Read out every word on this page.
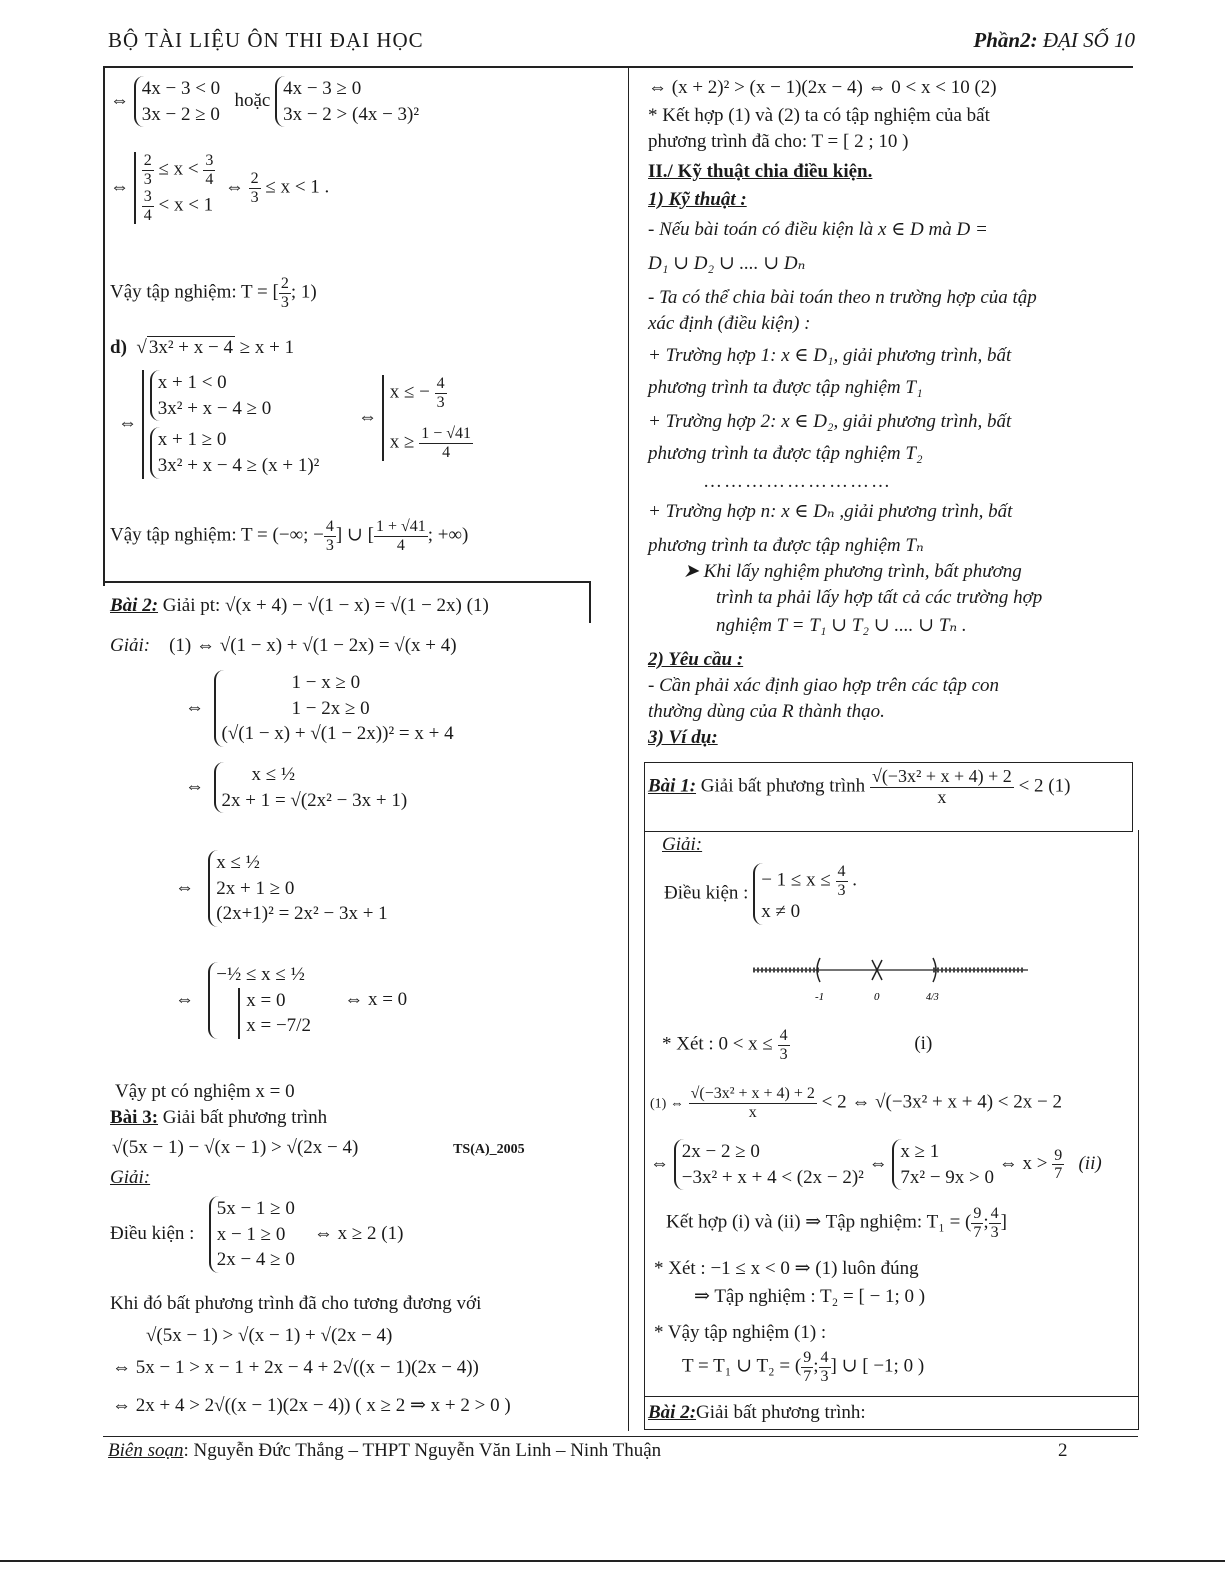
BỘ TÀI LIỆU ÔN THI ĐẠI HỌC	Phần2: ĐẠI SỐ 10
⇔
4x − 3 < 0
3x − 2 ≥ 0
hoặc
4x − 3 ≥ 0
3x − 2 > (4x − 3)²
⇔ $\frac{2}{3} \le x < \frac{3}{4}$
$\frac{3}{4} < x < 1$
⇔ $\frac{2}{3} \le x < 1$ .
Vậy tập nghiệm: T = [ $\frac{2}{3}$ ; 1)
d)  √ 3x² + x − 4 ≥ x + 1
⇔
x + 1 < 0
3x² + x − 4 ≥ 0

x + 1 ≥ 0
3x² + x − 4 ≥ (x + 1)²
⇔
x ≤ − $\frac{4}{3}$
$x \ge \frac{1 - √41}{4}$
Vậy tập nghiệm: T = (−∞; − $\frac{4}{3}$ ] ∪ [ $\frac{1 + √41}{4}$ ; +∞)
Bài 2: Giải pt: √(x + 4) − √(1 − x) = √(1 − 2x) (1)
Giải: (1) ⇔ √(1 − x) + √(1 − 2x) = √(x + 4)
⇔
1 − x ≥ 0
1 − 2x ≥ 0
(√(1 − x) + √(1 − 2x))² = x + 4
⇔
x ≤ ½
2x + 1 = √(2x² − 3x + 1)
⇔
x ≤ ½
2x + 1 ≥ 0
(2x+1)² = 2x² − 3x + 1
⇔
−½ ≤ x ≤ ½
x = 0
x = −7/2
⇔ x = 0
Vậy pt có nghiệm x = 0
Bài 3: Giải bất phương trình
√(5x − 1) − √(x − 1) > √(2x − 4)	TS(A)_2005
Giải:
Điều kiện :
5x − 1 ≥ 0
x − 1 ≥ 0
2x − 4 ≥ 0
⇔ x ≥ 2 (1)
Khi đó bất phương trình đã cho tương đương với
√(5x − 1) > √(x − 1) + √(2x − 4)
⇔ 5x − 1 > x − 1 + 2x − 4 + 2√((x − 1)(2x − 4))
⇔ 2x + 4 > 2√((x − 1)(2x − 4)) ( x ≥ 2 ⇒ x + 2 > 0 )
⇔ (x + 2)² > (x − 1)(2x − 4) ⇔ 0 < x < 10 (2)
* Kết hợp (1) và (2) ta có tập nghiệm của bất
phương trình đã cho: T = [ 2 ; 10 )
II./ Kỹ thuật chia điều kiện.
1) Kỹ thuật :
- Nếu bài toán có điều kiện là x ∈ D mà D =
D₁ ∪ D₂ ∪ .... ∪ Dₙ
- Ta có thể chia bài toán theo n trường hợp của tập
xác định (điều kiện) :
+ Trường hợp 1: x ∈ D₁, giải phương trình, bất
phương trình ta được tập nghiệm T₁
+ Trường hợp 2: x ∈ D₂, giải phương trình, bất
phương trình ta được tập nghiệm T₂
………………………
+ Trường hợp n: x ∈ Dₙ ,giải phương trình, bất
phương trình ta được tập nghiệm Tₙ
➤ Khi lấy nghiệm phương trình, bất phương
trình ta phải lấy hợp tất cả các trường hợp
nghiệm T = T₁ ∪ T₂ ∪ .... ∪ Tₙ .
2) Yêu cầu :
- Cần phải xác định giao hợp trên các tập con
thường dùng của R thành thạo.
3) Ví dụ:
Bài 1: Giải bất phương trình $\frac{\text{√(−3x² + x + 4) + 2}}{x} < 2$ (1)
Giải:
Điều kiện :
− $1 \le x \le \frac{4}{3}$ .
x ≠ 0
-1	0	4/3
* Xét : $0 < x \le \frac{4}{3}$	(i)
(1) ⇔ $\frac{\text{√(−3x² + x + 4) + 2}}{x} < 2$ ⇔ √(−3x² + x + 4) < 2x − 2
⇔
2x − 2 ≥ 0
−3x² + x + 4 < (2x − 2)²
⇔
x ≥ 1
7x² − 9x > 0
⇔ $x > \frac{9}{7} (ii)$
Kết hợp (i) và (ii) ⇒ Tập nghiệm: T₁ = ( $\frac{9}{7}$ ; $\frac{4}{3}$ ]
* Xét : −1 ≤ x < 0 ⇒ (1) luôn đúng
⇒ Tập nghiệm : T₂ = [ − 1; 0 )
* Vậy tập nghiệm (1) :
T = T₁ ∪ T₂ = ( $\frac{9}{7}$ ; $\frac{4}{3}$ ] ∪ [ −1; 0 )
Bài 2:Giải bất phương trình:
Biên soạn: Nguyễn Đức Thắng – THPT Nguyễn Văn Linh – Ninh Thuận	2
